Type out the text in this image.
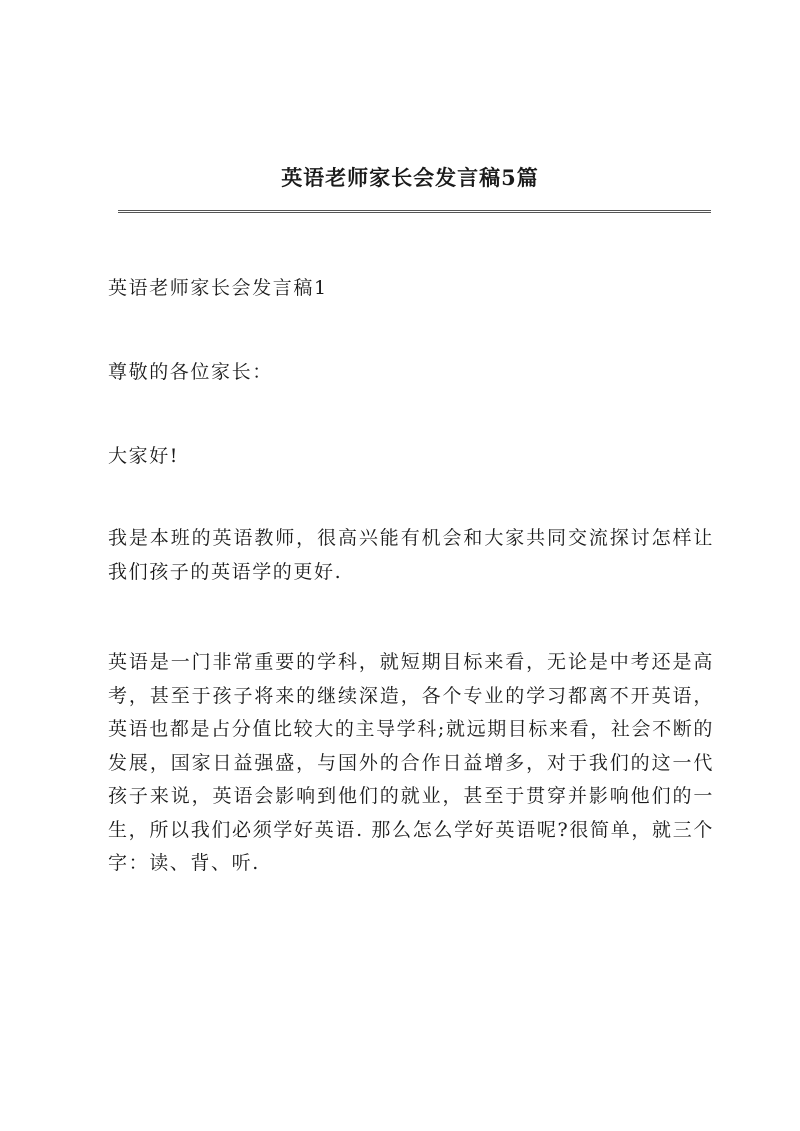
英语老师家长会发言稿5篇

英语老师家长会发言稿1

尊敬的各位家长：

大家好!

我是本班的英语教师，很高兴能有机会和大家共同交流探讨怎样让我们孩子的英语学的更好.

英语是一门非常重要的学科，就短期目标来看，无论是中考还是高考，甚至于孩子将来的继续深造，各个专业的学习都离不开英语，英语也都是占分值比较大的主导学科;就远期目标来看，社会不断的发展，国家日益强盛，与国外的合作日益增多，对于我们的这一代孩子来说，英语会影响到他们的就业，甚至于贯穿并影响他们的一生，所以我们必须学好英语. 那么怎么学好英语呢?很简单，就三个字：读、背、听.
